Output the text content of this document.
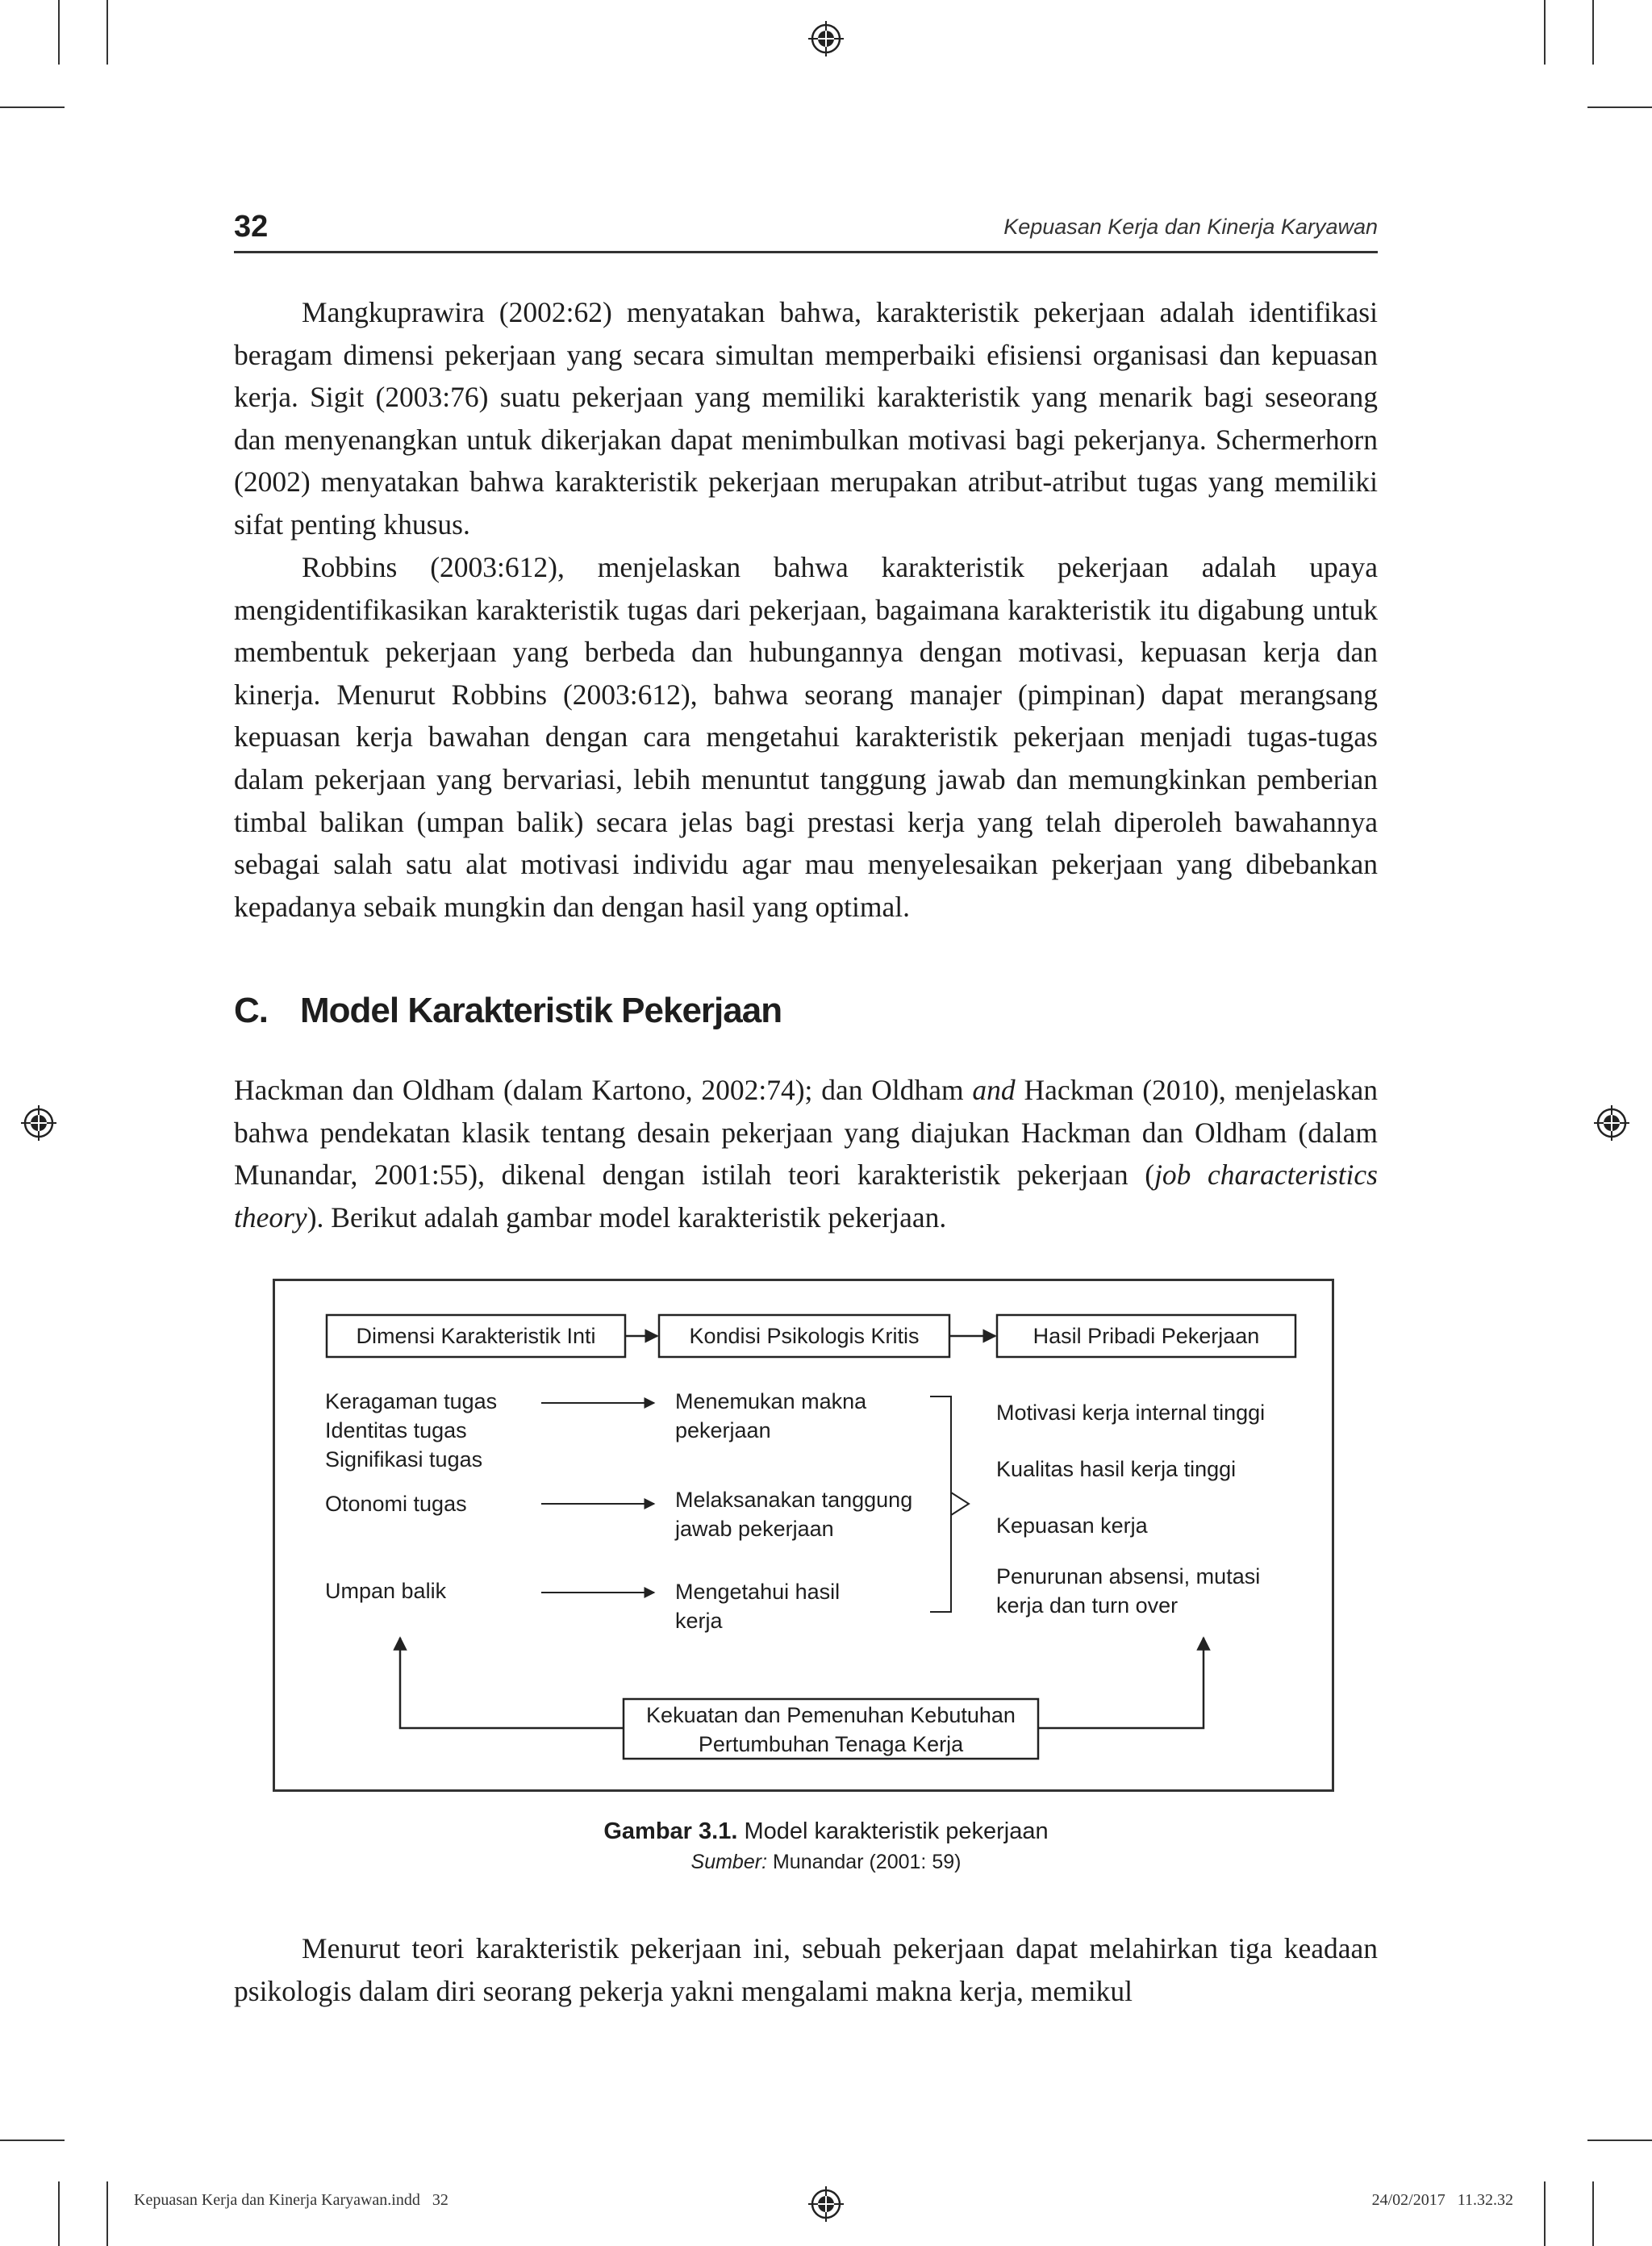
32	Kepuasan Kerja dan Kinerja Karyawan

Mangkuprawira (2002:62) menyatakan bahwa, karakteristik pekerjaan adalah identifikasi beragam dimensi pekerjaan yang secara simultan memperbaiki efisiensi organisasi dan kepuasan kerja. Sigit (2003:76) suatu pekerjaan yang memiliki karakteristik yang menarik bagi seseorang dan menyenangkan untuk dikerjakan dapat menimbulkan motivasi bagi pekerjanya. Schermerhorn (2002) menyatakan bahwa karakteristik pekerjaan merupakan atribut-atribut tugas yang memiliki sifat penting khusus.

Robbins (2003:612), menjelaskan bahwa karakteristik pekerjaan adalah upaya mengidentifikasikan karakteristik tugas dari pekerjaan, bagaimana karakteristik itu digabung untuk membentuk pekerjaan yang berbeda dan hubungannya dengan motivasi, kepuasan kerja dan kinerja. Menurut Robbins (2003:612), bahwa seorang manajer (pimpinan) dapat merangsang kepuasan kerja bawahan dengan cara mengetahui karakteristik pekerjaan menjadi tugas-tugas dalam pekerjaan yang bervariasi, lebih menuntut tanggung jawab dan memungkinkan pemberian timbal balikan (umpan balik) secara jelas bagi prestasi kerja yang telah diperoleh bawahannya sebagai salah satu alat motivasi individu agar mau menyelesaikan pekerjaan yang dibebankan kepadanya sebaik mungkin dan dengan hasil yang optimal.

C. Model Karakteristik Pekerjaan

Hackman dan Oldham (dalam Kartono, 2002:74); dan Oldham and Hackman (2010), menjelaskan bahwa pendekatan klasik tentang desain pekerjaan yang diajukan Hackman dan Oldham (dalam Munandar, 2001:55), dikenal dengan istilah teori karakteristik pekerjaan (job characteristics theory). Berikut adalah gambar model karakteristik pekerjaan.

Dimensi Karakteristik Inti	Kondisi Psikologis Kritis	Hasil Pribadi Pekerjaan
Keragaman tugas
Identitas tugas
Signifikasi tugas
Otonomi tugas
Umpan balik
Menemukan makna
pekerjaan
Melaksanakan tanggung
jawab pekerjaan
Mengetahui hasil
kerja
Motivasi kerja internal tinggi
Kualitas hasil kerja tinggi
Kepuasan kerja
Penurunan absensi, mutasi
kerja dan turn over
Kekuatan dan Pemenuhan Kebutuhan
Pertumbuhan Tenaga Kerja
Gambar 3.1. Model karakteristik pekerjaan
Sumber: Munandar (2001: 59)

Menurut teori karakteristik pekerjaan ini, sebuah pekerjaan dapat melahirkan tiga keadaan psikologis dalam diri seorang pekerja yakni mengalami makna kerja, memikul

Kepuasan Kerja dan Kinerja Karyawan.indd   32	24/02/2017   11.32.32
